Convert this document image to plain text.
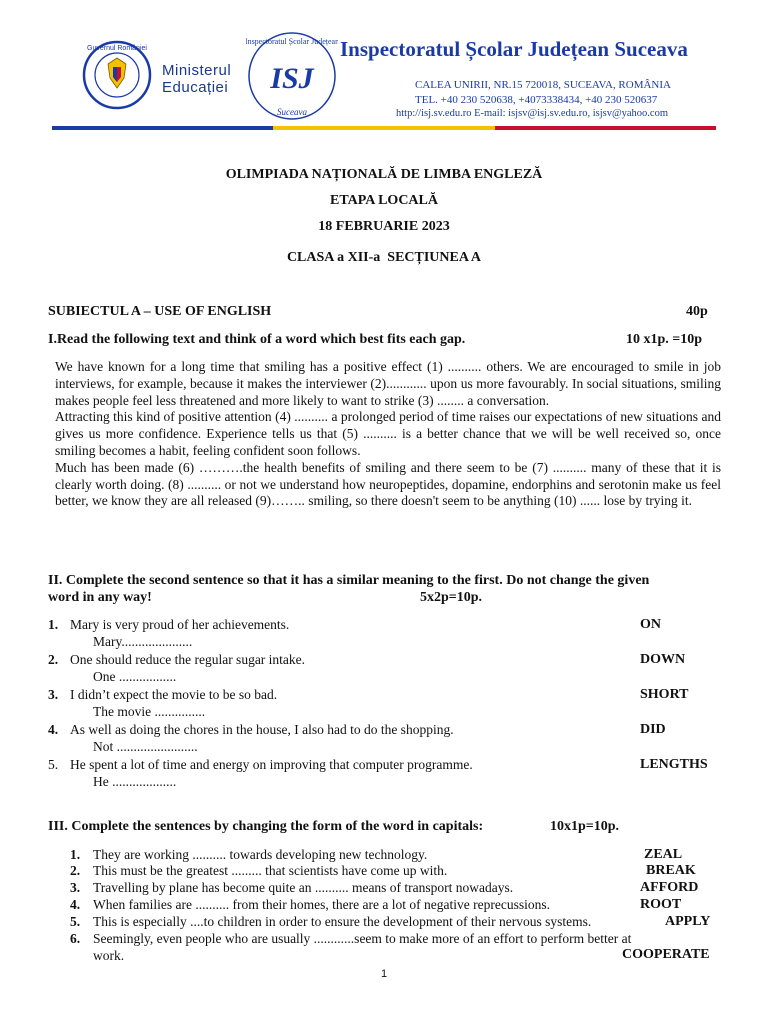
Guvernul României
Ministerul
Educației
Inspectoratul Școlar Județean
ISJ
Suceava
Inspectoratul Școlar Județean Suceava
CALEA UNIRII, NR.15 720018, SUCEAVA, ROMÂNIA
TEL. +40 230 520638, +4073338434, +40 230 520637
http://isj.sv.edu.ro E-mail: isjsv@isj.sv.edu.ro, isjsv@yahoo.com
OLIMPIADA NAȚIONALĂ DE LIMBA ENGLEZĂ
ETAPA LOCALĂ
18 FEBRUARIE 2023
CLASA a XII-a  SECȚIUNEA A
SUBIECTUL A – USE OF ENGLISH	40p
I.Read the following text and think of a word which best fits each gap.	10 x1p. =10p

We have known for a long time that smiling has a positive effect (1) .......... others. We are encouraged to smile in job interviews, for example, because it makes the interviewer (2)............ upon us more favourably. In social situations, smiling makes people feel less threatened and more likely to want to strike (3) ........ a conversation.

Attracting this kind of positive attention (4) .......... a prolonged period of time raises our expectations of new situations and gives us more confidence. Experience tells us that (5) .......... is a better chance that we will be well received so, once smiling becomes a habit, feeling confident soon follows.

Much has been made (6) ……….the health benefits of smiling and there seem to be (7) .......... many of these that it is clearly worth doing. (8) .......... or not we understand how neuropeptides, dopamine, endorphins and serotonin make us feel better, we know they are all released (9)…….. smiling, so there doesn't seem to be anything (10) ...... lose by trying it.

II. Complete the second sentence so that it has a similar meaning to the first. Do not change the given
word in any way!	5x2p=10p.
1. Mary is very proud of her achievements.	ON
Mary.....................
2. One should reduce the regular sugar intake.	DOWN
One .................
3. I didn’t expect the movie to be so bad.	SHORT
The movie ...............
4. As well as doing the chores in the house, I also had to do the shopping.	DID
Not ........................
5. He spent a lot of time and energy on improving that computer programme.	LENGTHS
He ...................
III. Complete the sentences by changing the form of the word in capitals:	10x1p=10p.
1. They are working .......... towards developing new technology.	ZEAL
2. This must be the greatest ......... that scientists have come up with.	BREAK
3. Travelling by plane has become quite an .......... means of transport nowadays.	AFFORD
4. When families are .......... from their homes, there are a lot of negative reprecussions.	ROOT
5. This is especially ....to children in order to ensure the development of their nervous systems.	APPLY
6. Seemingly, even people who are usually ............seem to make more of an effort to perform better at
work.	COOPERATE
1
